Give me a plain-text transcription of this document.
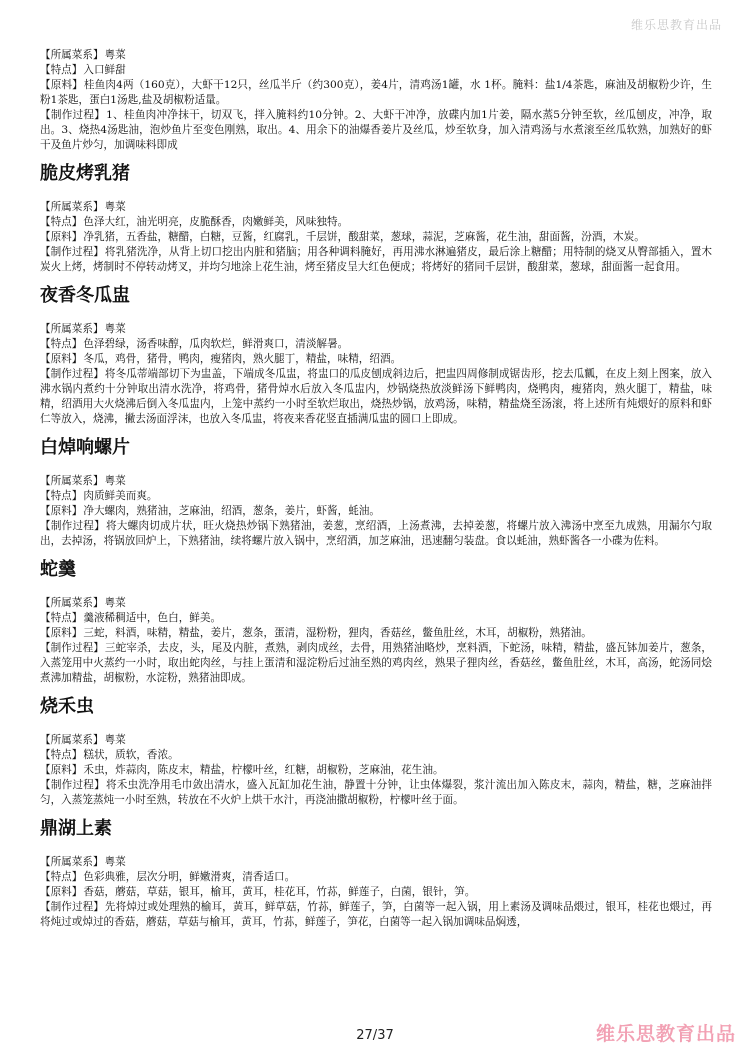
维乐思教育出品
【所属菜系】粤菜
【特点】入口鲜甜
【原料】桂鱼肉4两（160克），大虾干12只，丝瓜半斤（约300克），姜4片，清鸡汤1罐，水 1杯。腌料：盐1/4茶匙，麻油及胡椒粉少许，生粉1茶匙，蛋白1汤匙,盐及胡椒粉适量。
【制作过程】1、桂鱼肉冲净抹干，切双飞，拌入腌料约10分钟。2、大虾干冲净，放碟内加1片姜，隔水蒸5分钟至软，丝瓜刨皮，冲净，取出。3、烧热4汤匙油，泡炒鱼片至变色刚熟，取出。4、用余下的油爆香姜片及丝瓜，炒至软身，加入清鸡汤与水煮滚至丝瓜软熟，加熟好的虾干及鱼片炒匀，加调味料即成
脆皮烤乳猪
【所属菜系】粤菜
【特点】色泽大红，油光明亮，皮脆酥香，肉嫩鲜美，风味独特。
【原料】净乳猪，五香盐，糖醋，白糖，豆酱，红腐乳，千层饼，酸甜菜，葱球，蒜泥，芝麻酱，花生油，甜面酱，汾酒，木炭。
【制作过程】将乳猪洗净，从背上切口挖出内脏和猪脑；用各种调料腌好，再用沸水淋遍猪皮，最后涂上糖醋；用特制的烧叉从臀部插入，置木炭火上烤，烤制时不停转动烤叉，并均匀地涂上花生油，烤至猪皮呈大红色便成；将烤好的猪同千层饼，酸甜菜，葱球，甜面酱一起食用。
夜香冬瓜盅
【所属菜系】粤菜
【特点】色泽碧绿，汤香味醇，瓜肉软烂，鲜滑爽口，清淡解暑。
【原料】冬瓜，鸡骨，猪骨，鸭肉，瘦猪肉，熟火腿丁，精盐，味精，绍酒。
【制作过程】将冬瓜蒂端部切下为盅盖，下端成冬瓜盅，将盅口的瓜皮刨成斜边后，把盅四周修制成锯齿形，挖去瓜瓤，在皮上刻上图案，放入沸水锅内煮约十分钟取出清水洗净，将鸡骨，猪骨焯水后放入冬瓜盅内，炒锅烧热放淡鲜汤下鲜鸭肉，烧鸭肉，瘦猪肉，熟火腿丁，精盐，味精，绍酒用大火烧沸后倒入冬瓜盅内，上笼中蒸约一小时至软烂取出，烧热炒锅，放鸡汤，味精，精盐烧至汤滚，将上述所有炖煨好的原料和虾仁等放入，烧沸，撇去汤面浮沫，也放入冬瓜盅，将夜来香花竖直插满瓜盅的圆口上即成。
白焯响螺片
【所属菜系】粤菜
【特点】肉质鲜美而爽。
【原料】净大螺肉，熟猪油，芝麻油，绍酒，葱条，姜片，虾酱，蚝油。
【制作过程】将大螺肉切成片状，旺火烧热炒锅下熟猪油，姜葱，烹绍酒，上汤煮沸，去掉姜葱，将螺片放入沸汤中烹至九成熟，用漏尔勺取出，去掉汤，将锅放回炉上，下熟猪油，续将螺片放入锅中，烹绍酒，加芝麻油，迅速翻匀装盘。食以蚝油，熟虾酱各一小碟为佐料。
蛇羹
【所属菜系】粤菜
【特点】羹液稀稠适中，色白，鲜美。
【原料】三蛇，料酒，味精，精盐，姜片，葱条，蛋清，湿粉粉，狸肉，香菇丝，鳖鱼肚丝，木耳，胡椒粉，熟猪油。
【制作过程】三蛇宰杀，去皮，头，尾及内脏，煮熟，剥肉成丝，去骨，用熟猪油略炒，烹料酒，下蛇汤，味精，精盐，盛瓦钵加姜片，葱条，入蒸笼用中火蒸约一小时，取出蛇肉丝，与挂上蛋清和湿淀粉后过油至熟的鸡肉丝，熟果子狸肉丝，香菇丝，鳖鱼肚丝，木耳，高汤，蛇汤同烩煮沸加精盐，胡椒粉，水淀粉，熟猪油即成。
烧禾虫
【所属菜系】粤菜
【特点】糕状，质软，香浓。
【原料】禾虫，炸蒜肉，陈皮末，精盐，柠檬叶丝，红糖，胡椒粉，芝麻油，花生油。
【制作过程】将禾虫洗净用毛巾敛出清水，盛入瓦缸加花生油，静置十分钟，让虫体爆裂，浆汁流出加入陈皮末，蒜肉，精盐，糖，芝麻油拌匀，入蒸笼蒸炖一小时至熟，转放在不火炉上烘干水汁，再浇油撒胡椒粉，柠檬叶丝于面。
鼎湖上素
【所属菜系】粤菜
【特点】色彩典雅，层次分明，鲜嫩滑爽，清香适口。
【原料】香菇，蘑菇，草菇，银耳，榆耳，黄耳，桂花耳，竹荪，鲜莲子，白菌，银针，笋。
【制作过程】先将焯过或处理熟的榆耳，黄耳，鲜草菇，竹荪，鲜莲子，笋，白菌等一起入锅，用上素汤及调味品煨过，银耳，桂花也煨过，再将炖过或焯过的香菇，蘑菇，草菇与榆耳，黄耳，竹荪，鲜莲子，笋花，白菌等一起入锅加调味品焖透，
27/37	维乐思教育出品
